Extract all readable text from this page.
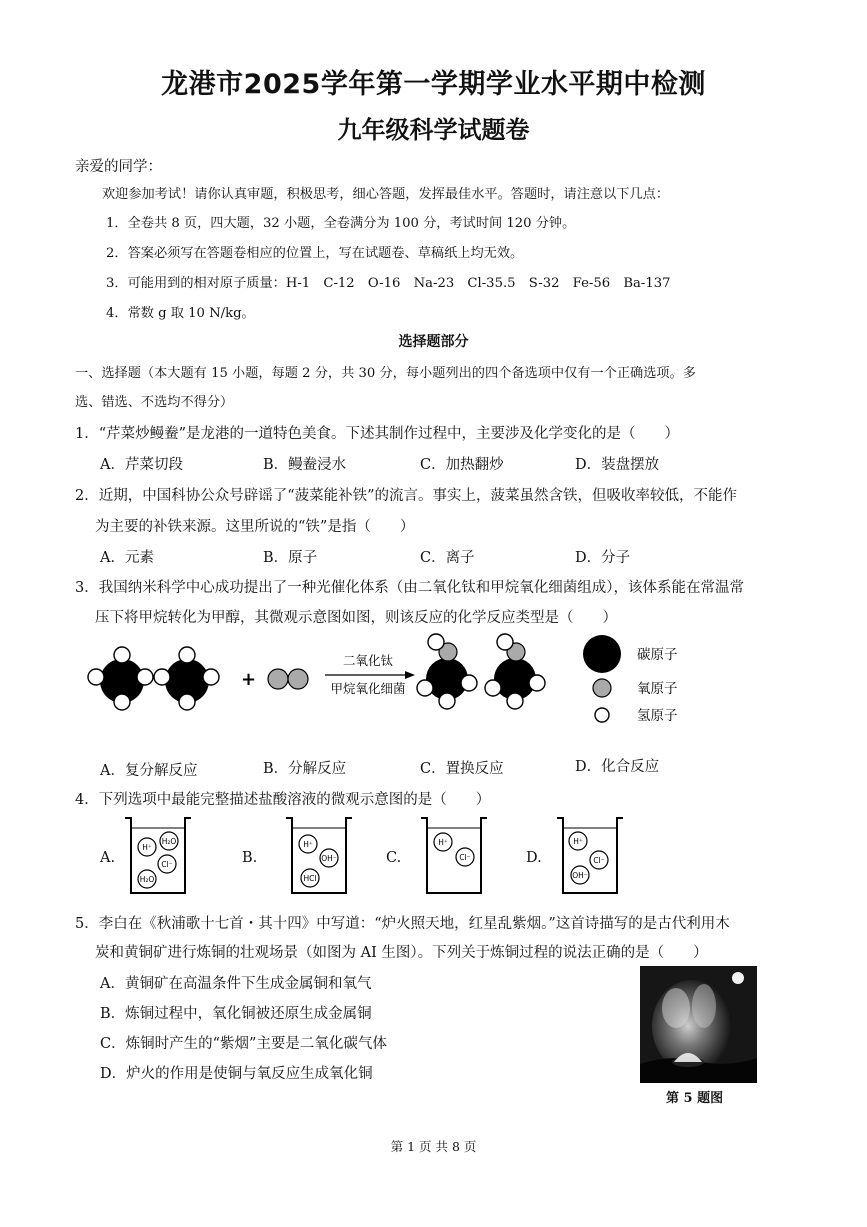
龙港市2025学年第一学期学业水平期中检测
九年级科学试题卷
亲爱的同学：
欢迎参加考试！请你认真审题，积极思考，细心答题，发挥最佳水平。答题时，请注意以下几点：
1．全卷共 8 页，四大题，32 小题，全卷满分为 100 分，考试时间 120 分钟。
2．答案必须写在答题卷相应的位置上，写在试题卷、草稿纸上均无效。
3．可能用到的相对原子质量：H-1　C-12　O-16　Na-23　Cl-35.5　S-32　Fe-56　Ba-137
4．常数 g 取 10 N/kg。
选择题部分
一、选择题（本大题有 15 小题，每题 2 分，共 30 分，每小题列出的四个备选项中仅有一个正确选项。多
选、错选、不选均不得分）
1．“芹菜炒鳗鲞”是龙港的一道特色美食。下述其制作过程中，主要涉及化学变化的是（　　）
A．芹菜切段	B．鳗鲞浸水	C．加热翻炒	D．装盘摆放
2．近期，中国科协公众号辟谣了“菠菜能补铁”的流言。事实上，菠菜虽然含铁，但吸收率较低，不能作
为主要的补铁来源。这里所说的“铁”是指（　　）
A．元素	B．原子	C．离子	D．分子
3．我国纳米科学中心成功提出了一种光催化体系（由二氧化钛和甲烷氧化细菌组成），该体系能在常温常
压下将甲烷转化为甲醇，其微观示意图如图，则该反应的化学反应类型是（　　）
+
二氧化钛
甲烷氧化细菌
碳原子
氧原子
氢原子
A．复分解反应	B．分解反应	C．置换反应	D．化合反应
4．下列选项中最能完整描述盐酸溶液的微观示意图的是（　　）
A.	B.	C.	D.
H₂O
H⁺
Cl⁻
H₂O
H⁺
OH⁻
HCl
H⁺
Cl⁻
H⁺
Cl⁻
OH⁻
5．李白在《秋浦歌十七首・其十四》中写道：“炉火照天地，红星乱紫烟。”这首诗描写的是古代利用木
炭和黄铜矿进行炼铜的壮观场景（如图为 AI 生图）。下列关于炼铜过程的说法正确的是（　　）
A．黄铜矿在高温条件下生成金属铜和氧气
B．炼铜过程中，氧化铜被还原生成金属铜
C．炼铜时产生的“紫烟”主要是二氧化碳气体
D．炉火的作用是使铜与氧反应生成氧化铜
第 5 题图
第 1 页 共 8 页
